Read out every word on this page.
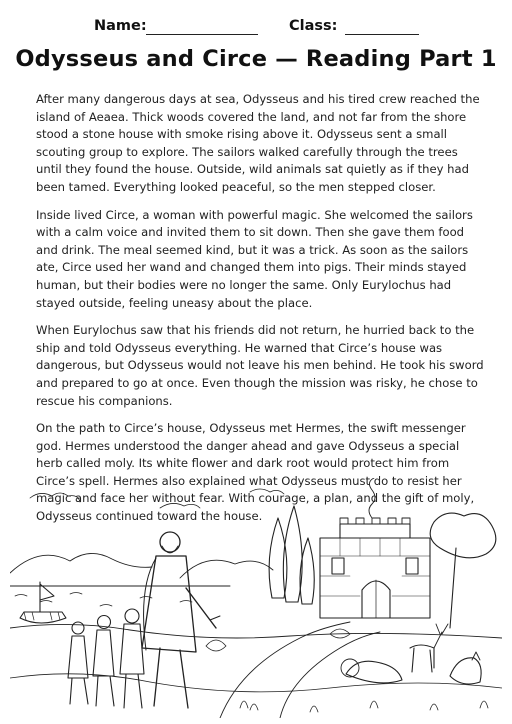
Name:	Class:
Odysseus and Circe — Reading Part 1

After many dangerous days at sea, Odysseus and his tired crew reached the island of Aeaea. Thick woods covered the land, and not far from the shore stood a stone house with smoke rising above it. Odysseus sent a small scouting group to explore. The sailors walked carefully through the trees until they found the house. Outside, wild animals sat quietly as if they had been tamed. Everything looked peaceful, so the men stepped closer.

Inside lived Circe, a woman with powerful magic. She welcomed the sailors with a calm voice and invited them to sit down. Then she gave them food and drink. The meal seemed kind, but it was a trick. As soon as the sailors ate, Circe used her wand and changed them into pigs. Their minds stayed human, but their bodies were no longer the same. Only Eurylochus had stayed outside, feeling uneasy about the place.

When Eurylochus saw that his friends did not return, he hurried back to the ship and told Odysseus everything. He warned that Circe’s house was dangerous, but Odysseus would not leave his men behind. He took his sword and prepared to go at once. Even though the mission was risky, he chose to rescue his companions.

On the path to Circe’s house, Odysseus met Hermes, the swift messenger god. Hermes understood the danger ahead and gave Odysseus a special herb called moly. Its white flower and dark root would protect him from Circe’s spell. Hermes also explained what Odysseus must do to resist her magic and face her without fear. With courage, a plan, and the gift of moly, Odysseus continued toward the house.
